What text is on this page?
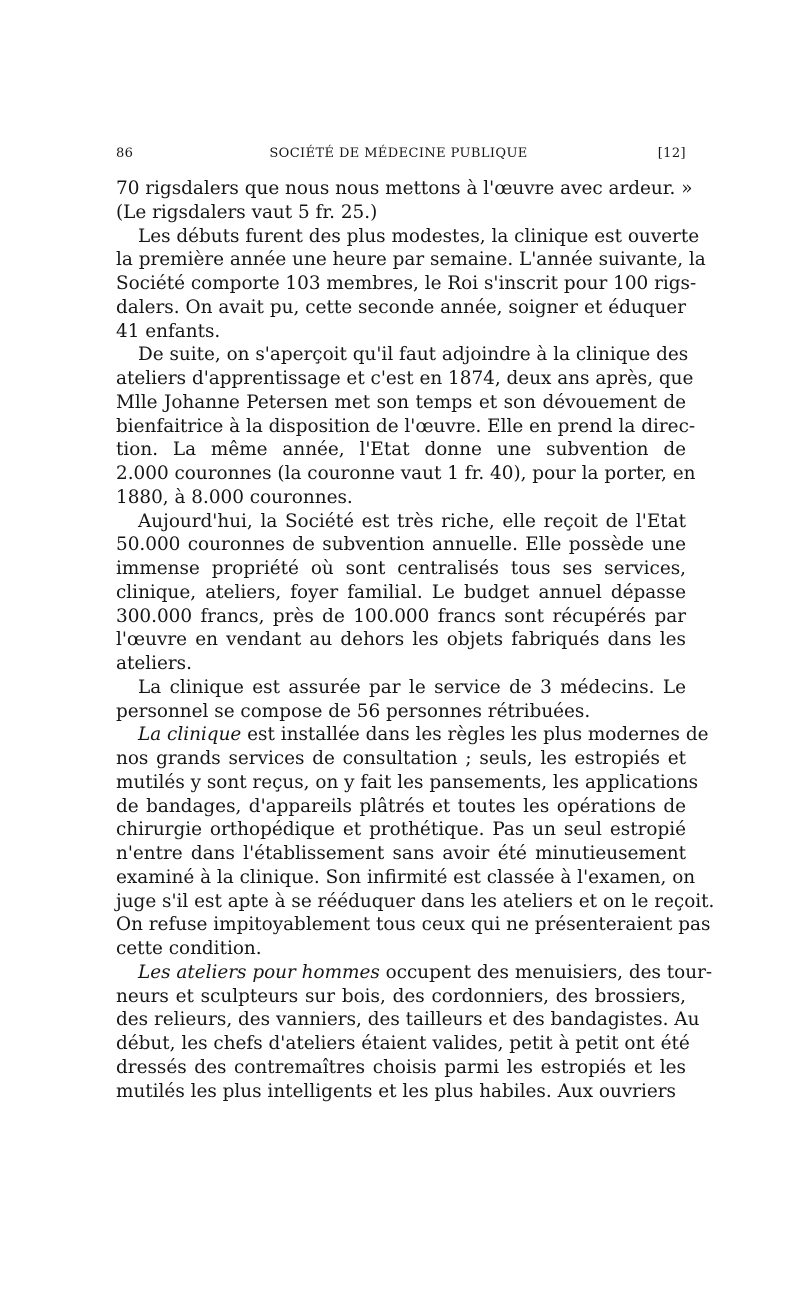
86	SOCIÉTÉ DE MÉDECINE PUBLIQUE	[12]
70 rigsdalers que nous nous mettons à l'œuvre avec ardeur. »
(Le rigsdalers vaut 5 fr. 25.)
Les débuts furent des plus modestes, la clinique est ouverte
la première année une heure par semaine. L'année suivante, la
Société comporte 103 membres, le Roi s'inscrit pour 100 rigs-
dalers. On avait pu, cette seconde année, soigner et éduquer
41 enfants.
De suite, on s'aperçoit qu'il faut adjoindre à la clinique des
ateliers d'apprentissage et c'est en 1874, deux ans après, que
Mlle Johanne Petersen met son temps et son dévouement de
bienfaitrice à la disposition de l'œuvre. Elle en prend la direc-
tion. La même année, l'Etat donne une subvention de
2.000 couronnes (la couronne vaut 1 fr. 40), pour la porter, en
1880, à 8.000 couronnes.
Aujourd'hui, la Société est très riche, elle reçoit de l'Etat
50.000 couronnes de subvention annuelle. Elle possède une
immense propriété où sont centralisés tous ses services,
clinique, ateliers, foyer familial. Le budget annuel dépasse
300.000 francs, près de 100.000 francs sont récupérés par
l'œuvre en vendant au dehors les objets fabriqués dans les
ateliers.
La clinique est assurée par le service de 3 médecins. Le
personnel se compose de 56 personnes rétribuées.
La clinique est installée dans les règles les plus modernes de
nos grands services de consultation ; seuls, les estropiés et
mutilés y sont reçus, on y fait les pansements, les applications
de bandages, d'appareils plâtrés et toutes les opérations de
chirurgie orthopédique et prothétique. Pas un seul estropié
n'entre dans l'établissement sans avoir été minutieusement
examiné à la clinique. Son infirmité est classée à l'examen, on
juge s'il est apte à se rééduquer dans les ateliers et on le reçoit.
On refuse impitoyablement tous ceux qui ne présenteraient pas
cette condition.
Les ateliers pour hommes occupent des menuisiers, des tour-
neurs et sculpteurs sur bois, des cordonniers, des brossiers,
des relieurs, des vanniers, des tailleurs et des bandagistes. Au
début, les chefs d'ateliers étaient valides, petit à petit ont été
dressés des contremaîtres choisis parmi les estropiés et les
mutilés les plus intelligents et les plus habiles. Aux ouvriers
